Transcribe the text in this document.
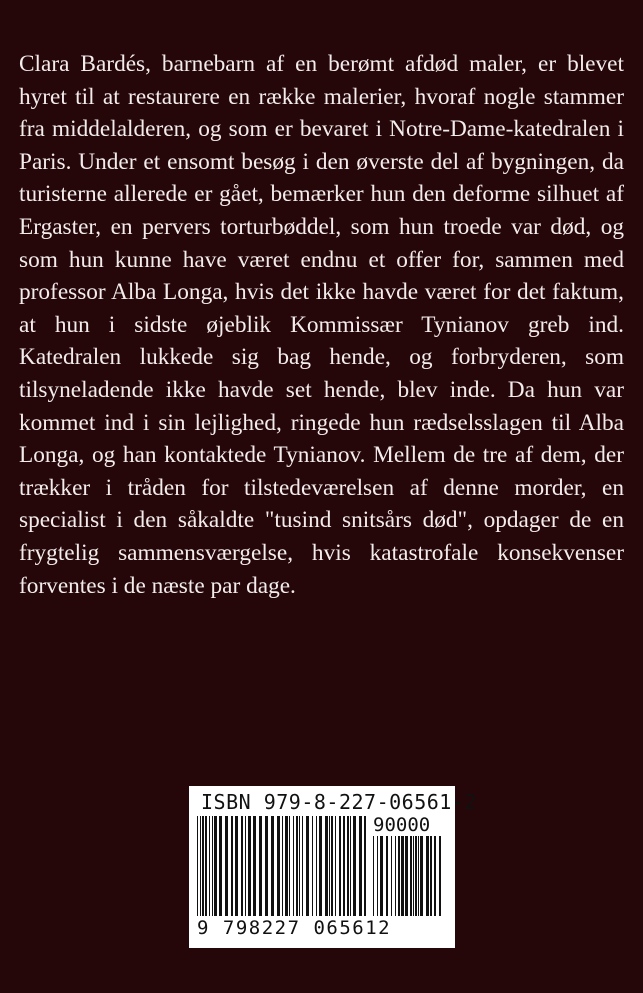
Clara Bardés, barnebarn af en berømt afdød maler, er blevet hyret til at restaurere en række malerier, hvoraf nogle stammer fra middelalderen, og som er bevaret i Notre-Dame-katedralen i Paris. Under et ensomt besøg i den øverste del af bygningen, da turisterne allerede er gået, bemærker hun den deforme silhuet af Ergaster, en pervers torturbøddel, som hun troede var død, og som hun kunne have været endnu et offer for, sammen med professor Alba Longa, hvis det ikke havde været for det faktum, at hun i sidste øjeblik Kommissær Tynianov greb ind. Katedralen lukkede sig bag hende, og forbryderen, som tilsyneladende ikke havde set hende, blev inde. Da hun var kommet ind i sin lejlighed, ringede hun rædselsslagen til Alba Longa, og han kontaktede Tynianov. Mellem de tre af dem, der trækker i tråden for tilstedeværelsen af denne morder, en specialist i den såkaldte "tusind snitsårs død", opdager de en frygtelig sammensværgelse, hvis katastrofale konsekvenser forventes i de næste par dage.

ISBN 979-8-227-06561-2
90000
9 798227 065612
